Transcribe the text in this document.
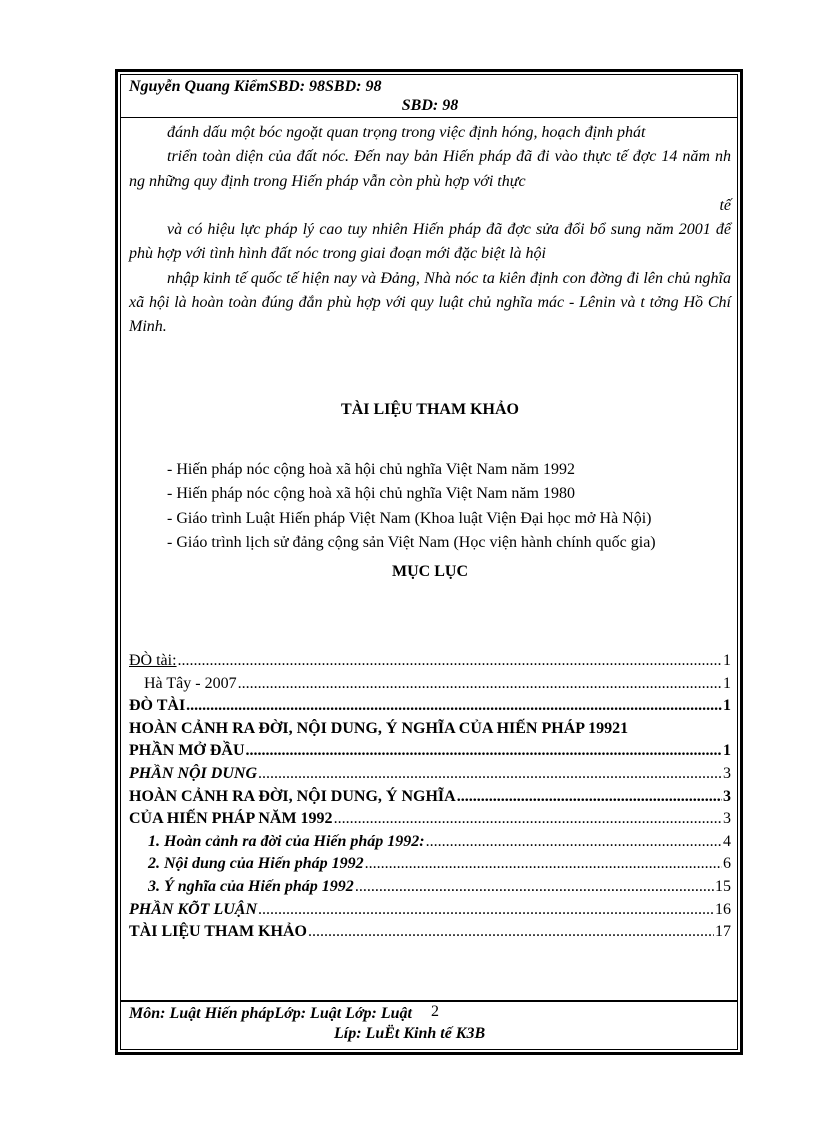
Nguyễn Quang KiểmSBD: 98SBD: 98
SBD: 98

đánh dấu một bóc ngoặt quan trọng trong việc định hóng, hoạch định phát

triển toàn diện của đất nóc. Đến nay bản Hiến pháp đã đi vào thực tế đợc 14 năm nh ng những quy định trong Hiến pháp vẫn còn phù hợp với thực

tế

và có hiệu lực pháp lý cao tuy nhiên Hiến pháp đã đợc sửa đổi bổ sung năm 2001 để phù hợp với tình hình đất nóc trong giai đoạn mới đặc biệt là hội

nhập kinh tế quốc tế hiện nay và Đảng, Nhà nóc ta kiên định con đờng đi lên chủ nghĩa xã hội là hoàn toàn đúng đắn phù hợp với quy luật chủ nghĩa mác - Lênin và t tởng Hồ Chí Minh.

TÀI LIỆU THAM KHẢO
- Hiến pháp nóc cộng hoà xã hội chủ nghĩa Việt Nam năm 1992
- Hiến pháp nóc cộng hoà xã hội chủ nghĩa Việt Nam năm 1980
- Giáo trình Luật Hiến pháp Việt Nam (Khoa luật Viện Đại học mở Hà Nội)
- Giáo trình lịch sử đảng cộng sản Việt Nam (Học viện hành chính quốc gia)
MỤC LỤC
ĐÒ tài: .....	1
Hà Tây - 2007 .....	1
ĐÒ TÀI .....	1
HOÀN CẢNH RA ĐỜI, NỘI DUNG, Ý NGHĨA CỦA HIẾN PHÁP 1992 1
PHẦN MỞ ĐẦU .....	1
PHẦN NỘI DUNG .....	3
HOÀN CẢNH RA ĐỜI, NỘI DUNG, Ý NGHĨA .....	3
CỦA HIẾN PHÁP NĂM 1992 .....	3
1. Hoàn cảnh ra đời của Hiến pháp 1992: .....	4
2. Nội dung của Hiến pháp 1992 .....	6
3. Ý nghĩa của Hiến pháp 1992 .....	15
PHẦN KÕT LUẬN .....	16
TÀI LIỆU THAM KHẢO .....	17
Môn: Luật Hiến phápLớp: Luật Lớp: Luật
Líp: LuËt Kinh tế K3B
2
